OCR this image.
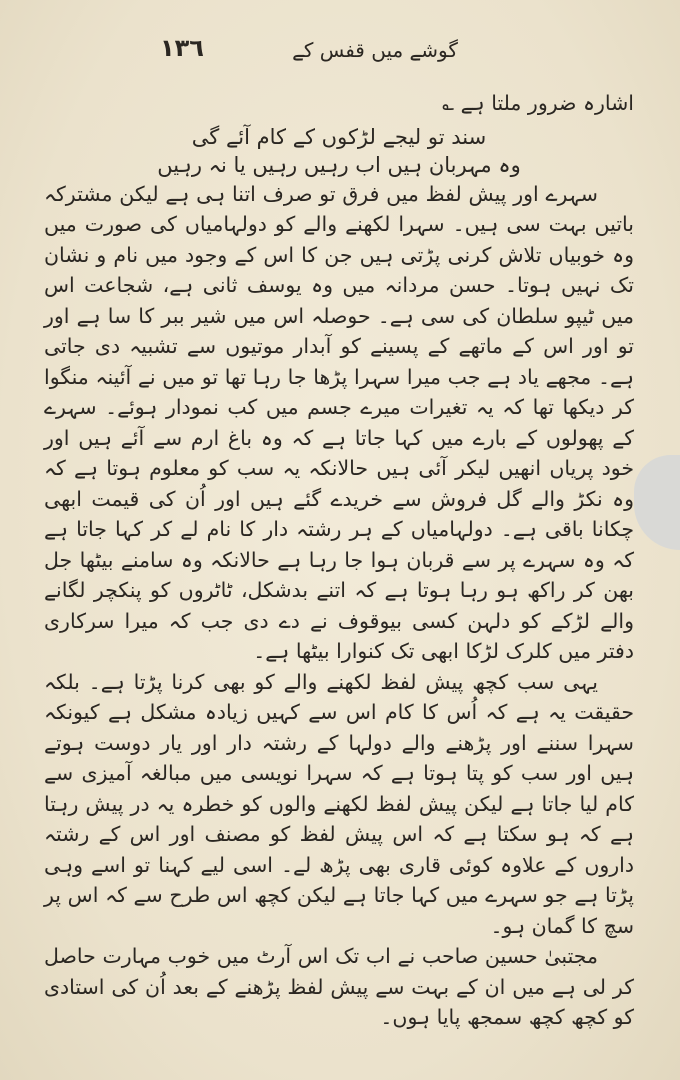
١٣٦	گوشے میں قفس کے

اشارہ ضرور ملتا ہے ؎

سند تو لیجے لڑکوں کے کام آئے گی

وہ مہربان ہیں اب رہیں رہیں یا نہ رہیں

سہرے اور پیش لفظ میں فرق تو صرف اتنا ہی ہے لیکن مشترکہ باتیں بہت سی ہیں۔ سہرا لکھنے والے کو دولہامیاں کی صورت میں وہ خوبیاں تلاش کرنی پڑتی ہیں جن کا اس کے وجود میں نام و نشان تک نہیں ہوتا۔ حسن مردانہ میں وہ یوسف ثانی ہے، شجاعت اس میں ٹیپو سلطان کی سی ہے۔ حوصلہ اس میں شیر ببر کا سا ہے اور تو اور اس کے ماتھے کے پسینے کو آبدار موتیوں سے تشبیہ دی جاتی ہے۔ مجھے یاد ہے جب میرا سہرا پڑھا جا رہا تھا تو میں نے آئینہ منگوا کر دیکھا تھا کہ یہ تغیرات میرے جسم میں کب نمودار ہوئے۔ سہرے کے پھولوں کے بارے میں کہا جاتا ہے کہ وہ باغ ارم سے آئے ہیں اور خود پریاں انھیں لیکر آئی ہیں حالانکہ یہ سب کو معلوم ہوتا ہے کہ وہ نکڑ والے گل فروش سے خریدے گئے ہیں اور اُن کی قیمت ابھی چکانا باقی ہے۔ دولہامیاں کے ہر رشتہ دار کا نام لے کر کہا جاتا ہے کہ وہ سہرے پر سے قربان ہوا جا رہا ہے حالانکہ وہ سامنے بیٹھا جل بھن کر راکھ ہو رہا ہوتا ہے کہ اتنے بدشکل، ٹاٹروں کو پنکچر لگانے والے لڑکے کو دلہن کسی بیوقوف نے دے دی جب کہ میرا سرکاری دفتر میں کلرک لڑکا ابھی تک کنوارا بیٹھا ہے۔

یہی سب کچھ پیش لفظ لکھنے والے کو بھی کرنا پڑتا ہے۔ بلکہ حقیقت یہ ہے کہ اُس کا کام اس سے کہیں زیادہ مشکل ہے کیونکہ سہرا سننے اور پڑھنے والے دولہا کے رشتہ دار اور یار دوست ہوتے ہیں اور سب کو پتا ہوتا ہے کہ سہرا نویسی میں مبالغہ آمیزی سے کام لیا جاتا ہے لیکن پیش لفظ لکھنے والوں کو خطرہ یہ در پیش رہتا ہے کہ ہو سکتا ہے کہ اس پیش لفظ کو مصنف اور اس کے رشتہ داروں کے علاوہ کوئی قاری بھی پڑھ لے۔ اسی لیے کہنا تو اسے وہی پڑتا ہے جو سہرے میں کہا جاتا ہے لیکن کچھ اس طرح سے کہ اس پر سچ کا گمان ہو۔

مجتبیٰ حسین صاحب نے اب تک اس آرٹ میں خوب مہارت حاصل کر لی ہے میں ان کے بہت سے پیش لفظ پڑھنے کے بعد اُن کی استادی کو کچھ کچھ سمجھ پایا ہوں۔
